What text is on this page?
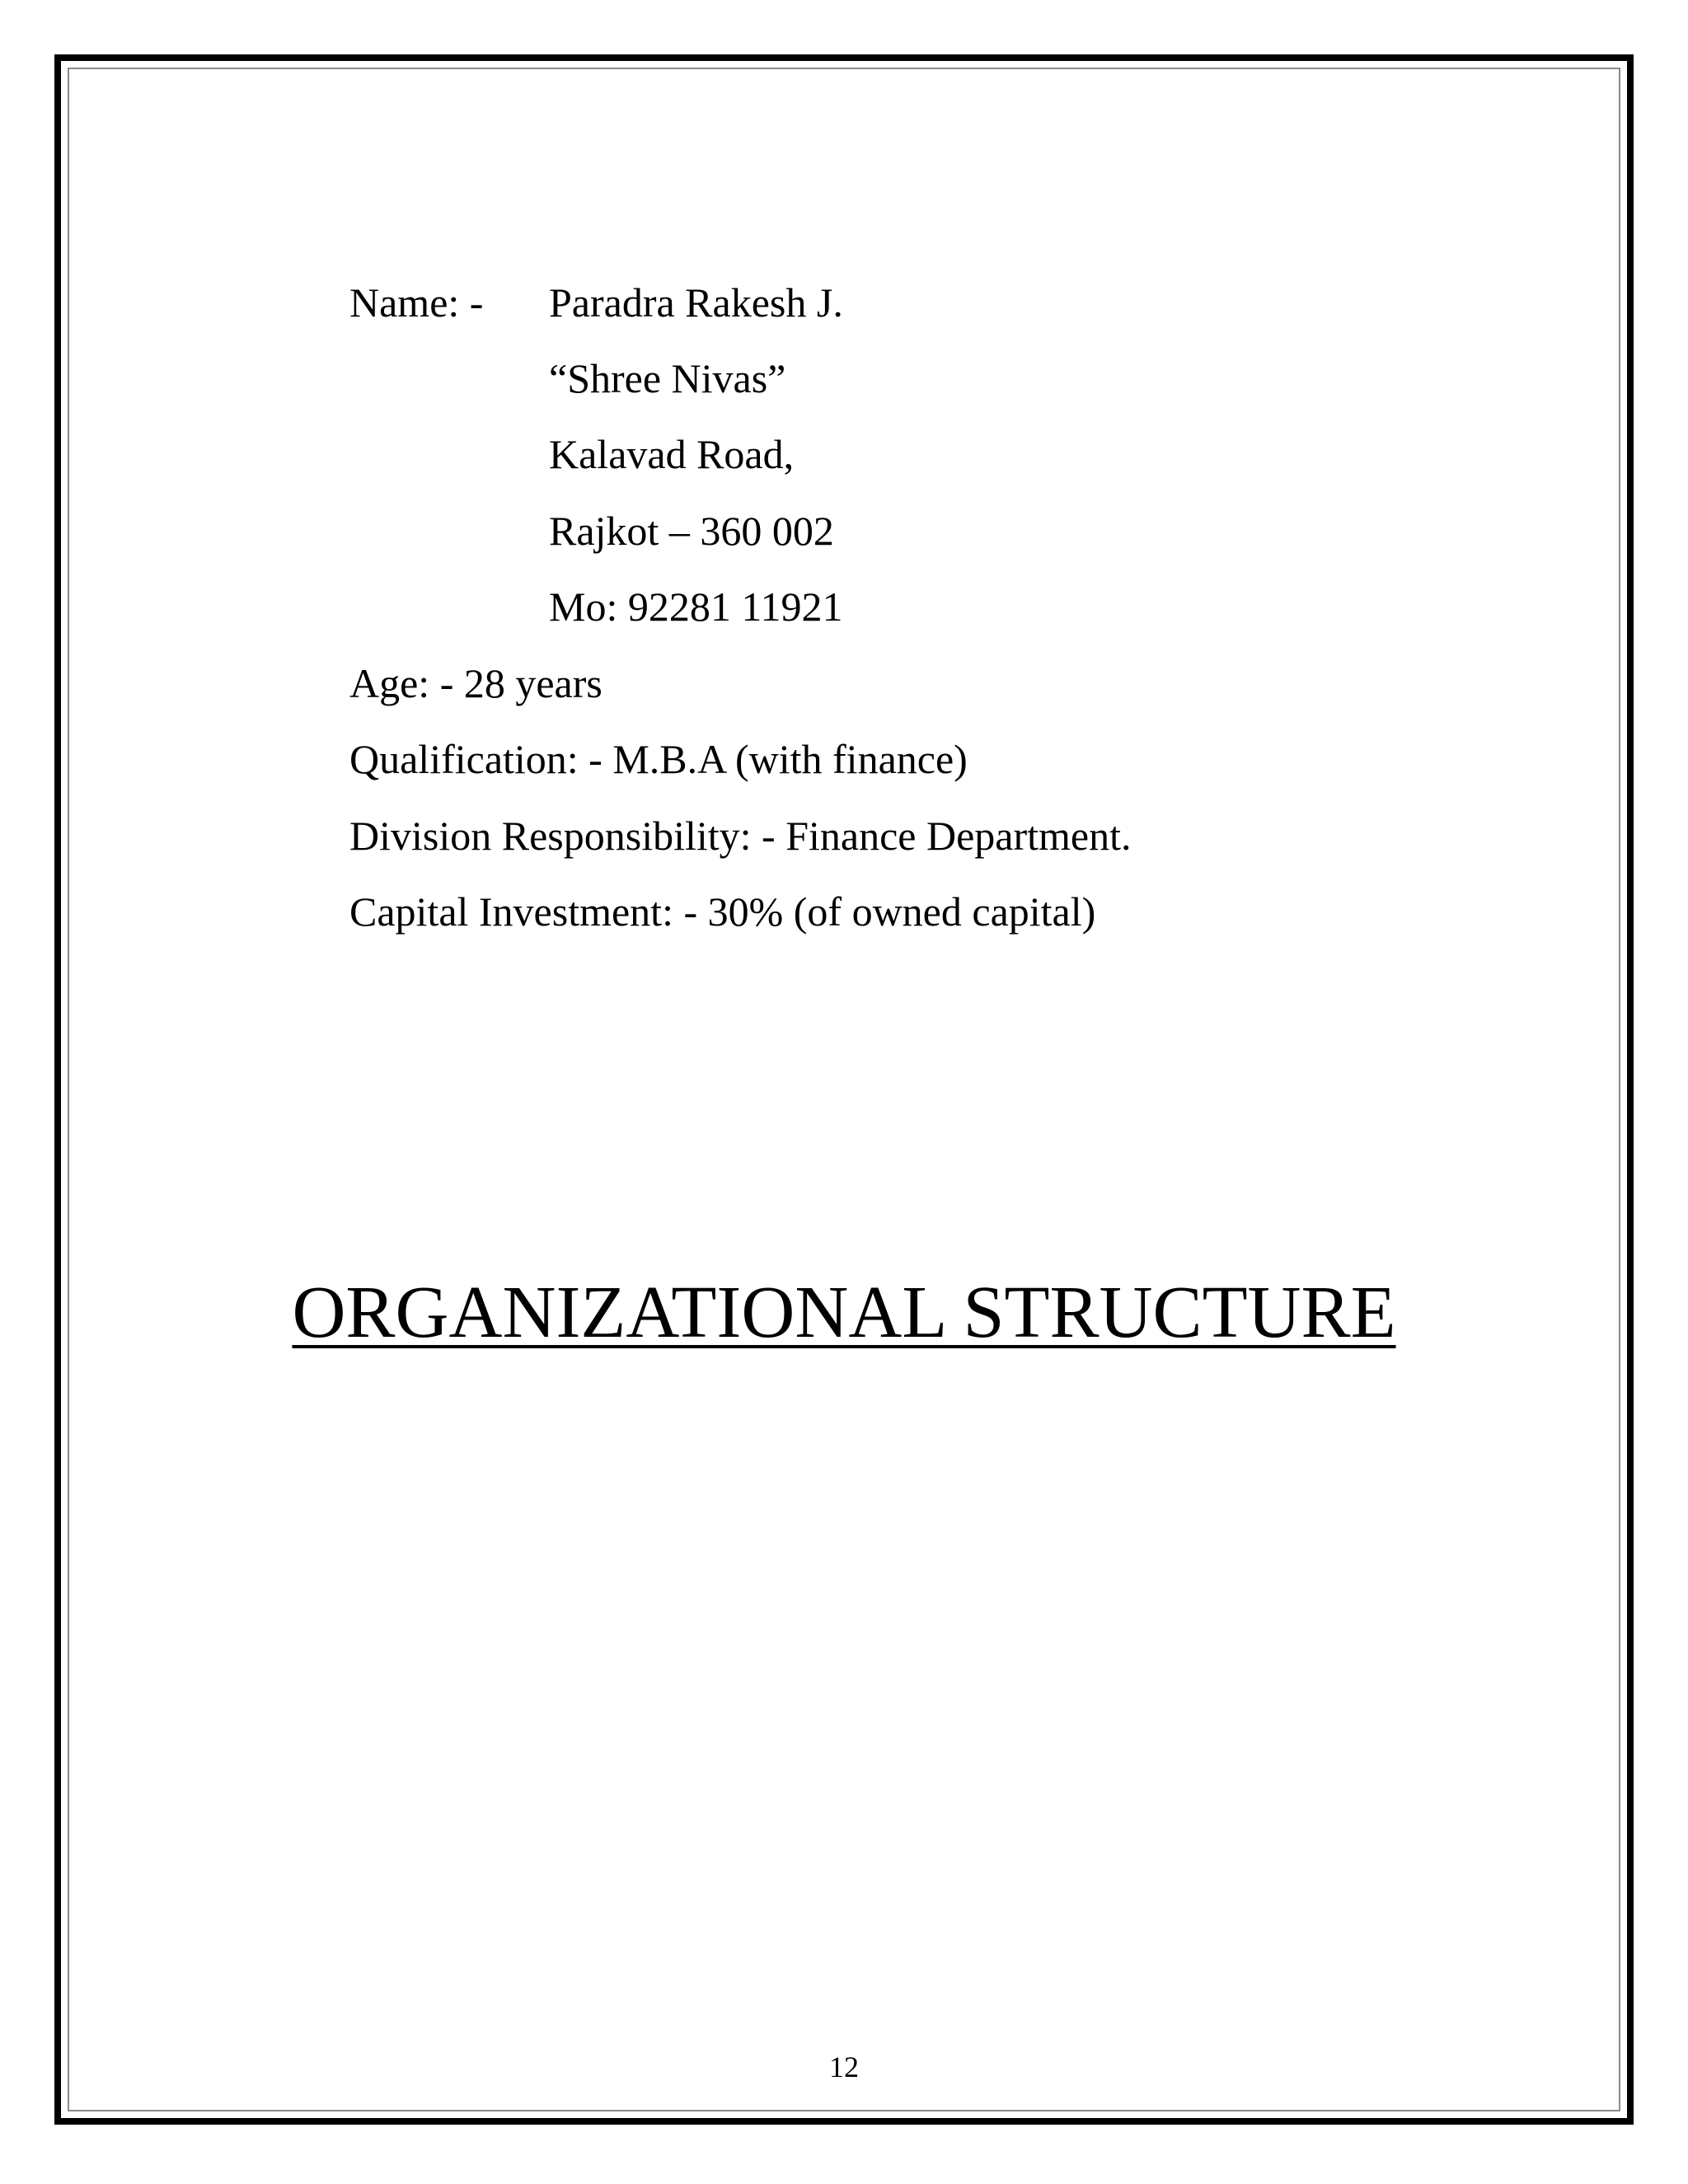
Name: - Paradra Rakesh J.
“Shree Nivas”
Kalavad Road,
Rajkot – 360 002
Mo: 92281 11921
Age: - 28 years
Qualification: - M.B.A (with finance)
Division Responsibility: - Finance Department.
Capital Investment: - 30% (of owned capital)
ORGANIZATIONAL STRUCTURE
12
